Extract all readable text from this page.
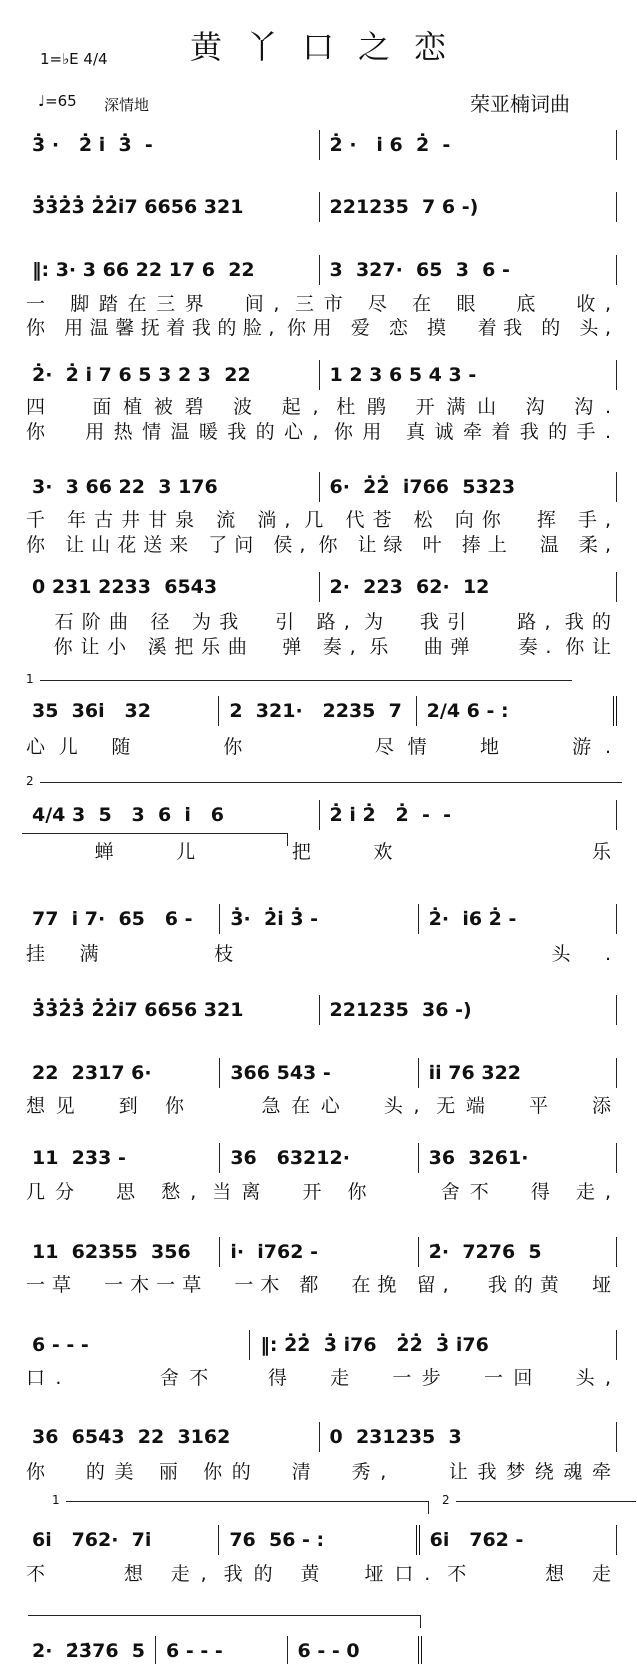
黄丫口之恋
1=♭E 4/4
♩=65 深情地	荣亚楠词曲
1
2
1	2
3̇ ·   2̇ i̇  3̇  -	2̇ ·   i̇ 6  2̇  -
3̇3̇2̇3̇ 2̇2̇i̇7 6656 321	221235  7 6 -)
‖: 3· 3 66 22 17 6  22	3  327·  65  3  6 -
一 脚踏在三界  间, 三市 尽 在 眼  底  收,
你 用温馨抚着我的脸, 你用 爱 恋 摸  着我 的 头,
2̇·  2̇ i̇ 7 6 5 3 2 3  22	1 2 3 6 5 4 3 -
四  面植被碧 波 起, 杜鹃 开满山 沟 沟.
你  用热情温暖我的心, 你用 真诚牵着我的手.
3·  3 66 22  3 176	6·  2̇2̇  i̇766  5323
千 年古井甘泉 流 淌, 几 代苍 松 向你  挥 手,
你 让山花送来 了问 侯, 你 让绿 叶 捧上  温 柔,
0 231 2233  6543	2·  223  62·  12
石阶曲 径 为我  引 路, 为  我引   路, 我的
你让小 溪把乐曲  弹 奏, 乐  曲弹   奏. 你让
35  36i   32	2  321·   2235  7	2/4 6 - :
心儿 随    你      尽情  地   游.
4/4 3  5   3  6  i   6	2̇ i̇ 2̇   2̇  -  -
蝉 儿  把 欢     乐
77  i 7·  65   6 -	3̇·  2̇i̇ 3̇ -	2̇·  i̇6 2̇ -
挂满  枝       头.
3̇3̇2̇3̇ 2̇2̇i̇7 6656 321	221235  36 -)
22  2317 6·	366 543 -	i̇i̇ 76 322
想见  到 你    急在心  头, 无端  平  添
11  233 -	36   63212·	36  3261·
几分  思 愁, 当离  开 你    舍不  得 走,
11  62355  356	i̇·  i̇762 -	2̇·  7276  5
一草  一木一草  一木 都  在挽 留,   我的黄  垭
6 - - -	‖: 2̇2̇  3̇ i̇76   2̇2̇  3̇ i̇76
口.      舍不   得  走  一步  一回  头,
36  6543  22  3162	0  231235  3
你  的美 丽 你的  清  秀,    让我梦绕魂牵
6i   762·  7i	76  56 - :	6i   762 -
不    想 走, 我的 黄  垭口. 不    想 走
2·  2̇3̇76  5	6 - - -	6 - - 0
